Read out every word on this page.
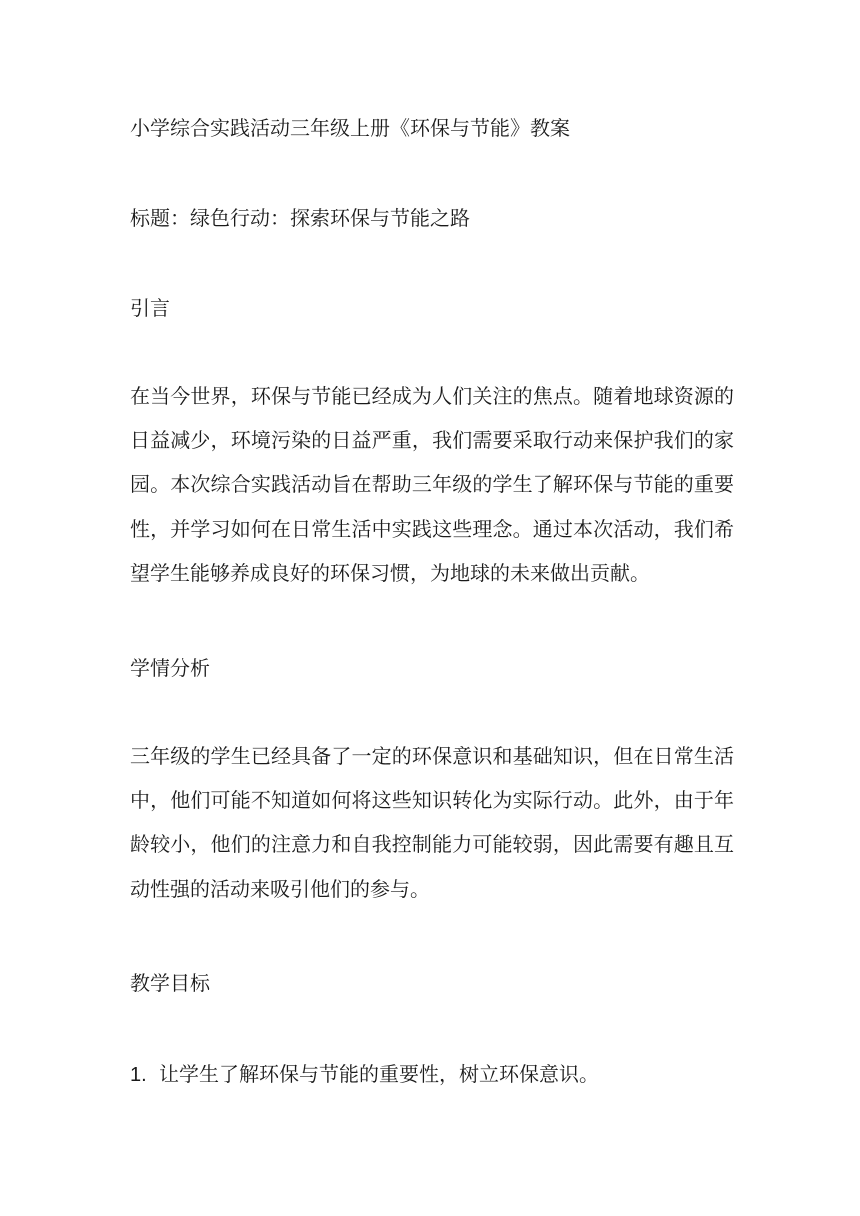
小学综合实践活动三年级上册《环保与节能》教案

标题：绿色行动：探索环保与节能之路

引言

在当今世界，环保与节能已经成为人们关注的焦点。随着地球资源的
日益减少，环境污染的日益严重，我们需要采取行动来保护我们的家
园。本次综合实践活动旨在帮助三年级的学生了解环保与节能的重要
性，并学习如何在日常生活中实践这些理念。通过本次活动，我们希
望学生能够养成良好的环保习惯，为地球的未来做出贡献。

学情分析

三年级的学生已经具备了一定的环保意识和基础知识，但在日常生活
中，他们可能不知道如何将这些知识转化为实际行动。此外，由于年
龄较小，他们的注意力和自我控制能力可能较弱，因此需要有趣且互
动性强的活动来吸引他们的参与。

教学目标

1. 让学生了解环保与节能的重要性，树立环保意识。
